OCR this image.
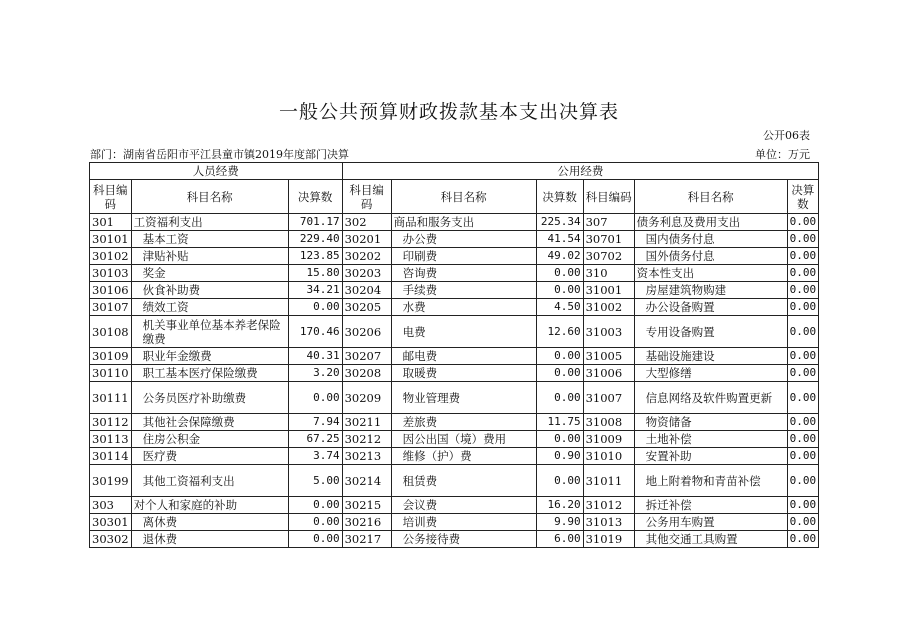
一般公共预算财政拨款基本支出决算表
公开06表
部门：湖南省岳阳市平江县童市镇2019年度部门决算	单位：万元
人员经费			公用经费					
科目编码	科目名称	决算数	科目编码	科目名称	决算数	科目编码	科目名称	决算数
301	工资福利支出	701.17	302	商品和服务支出	225.34	307	债务利息及费用支出	0.00
30101	基本工资	229.40	30201	办公费	41.54	30701	国内债务付息	0.00
30102	津贴补贴	123.85	30202	印刷费	49.02	30702	国外债务付息	0.00
30103	奖金	15.80	30203	咨询费	0.00	310	资本性支出	0.00
30106	伙食补助费	34.21	30204	手续费	0.00	31001	房屋建筑物购建	0.00
30107	绩效工资	0.00	30205	水费	4.50	31002	办公设备购置	0.00
30108	机关事业单位基本养老保险缴费	170.46	30206	电费	12.60	31003	专用设备购置	0.00
30109	职业年金缴费	40.31	30207	邮电费	0.00	31005	基础设施建设	0.00
30110	职工基本医疗保险缴费	3.20	30208	取暖费	0.00	31006	大型修缮	0.00
30111	公务员医疗补助缴费	0.00	30209	物业管理费	0.00	31007	信息网络及软件购置更新	0.00
30112	其他社会保障缴费	7.94	30211	差旅费	11.75	31008	物资储备	0.00
30113	住房公积金	67.25	30212	因公出国（境）费用	0.00	31009	土地补偿	0.00
30114	医疗费	3.74	30213	维修（护）费	0.90	31010	安置补助	0.00
30199	其他工资福利支出	5.00	30214	租赁费	0.00	31011	地上附着物和青苗补偿	0.00
303	对个人和家庭的补助	0.00	30215	会议费	16.20	31012	拆迁补偿	0.00
30301	离休费	0.00	30216	培训费	9.90	31013	公务用车购置	0.00
30302	退休费	0.00	30217	公务接待费	6.00	31019	其他交通工具购置	0.00
